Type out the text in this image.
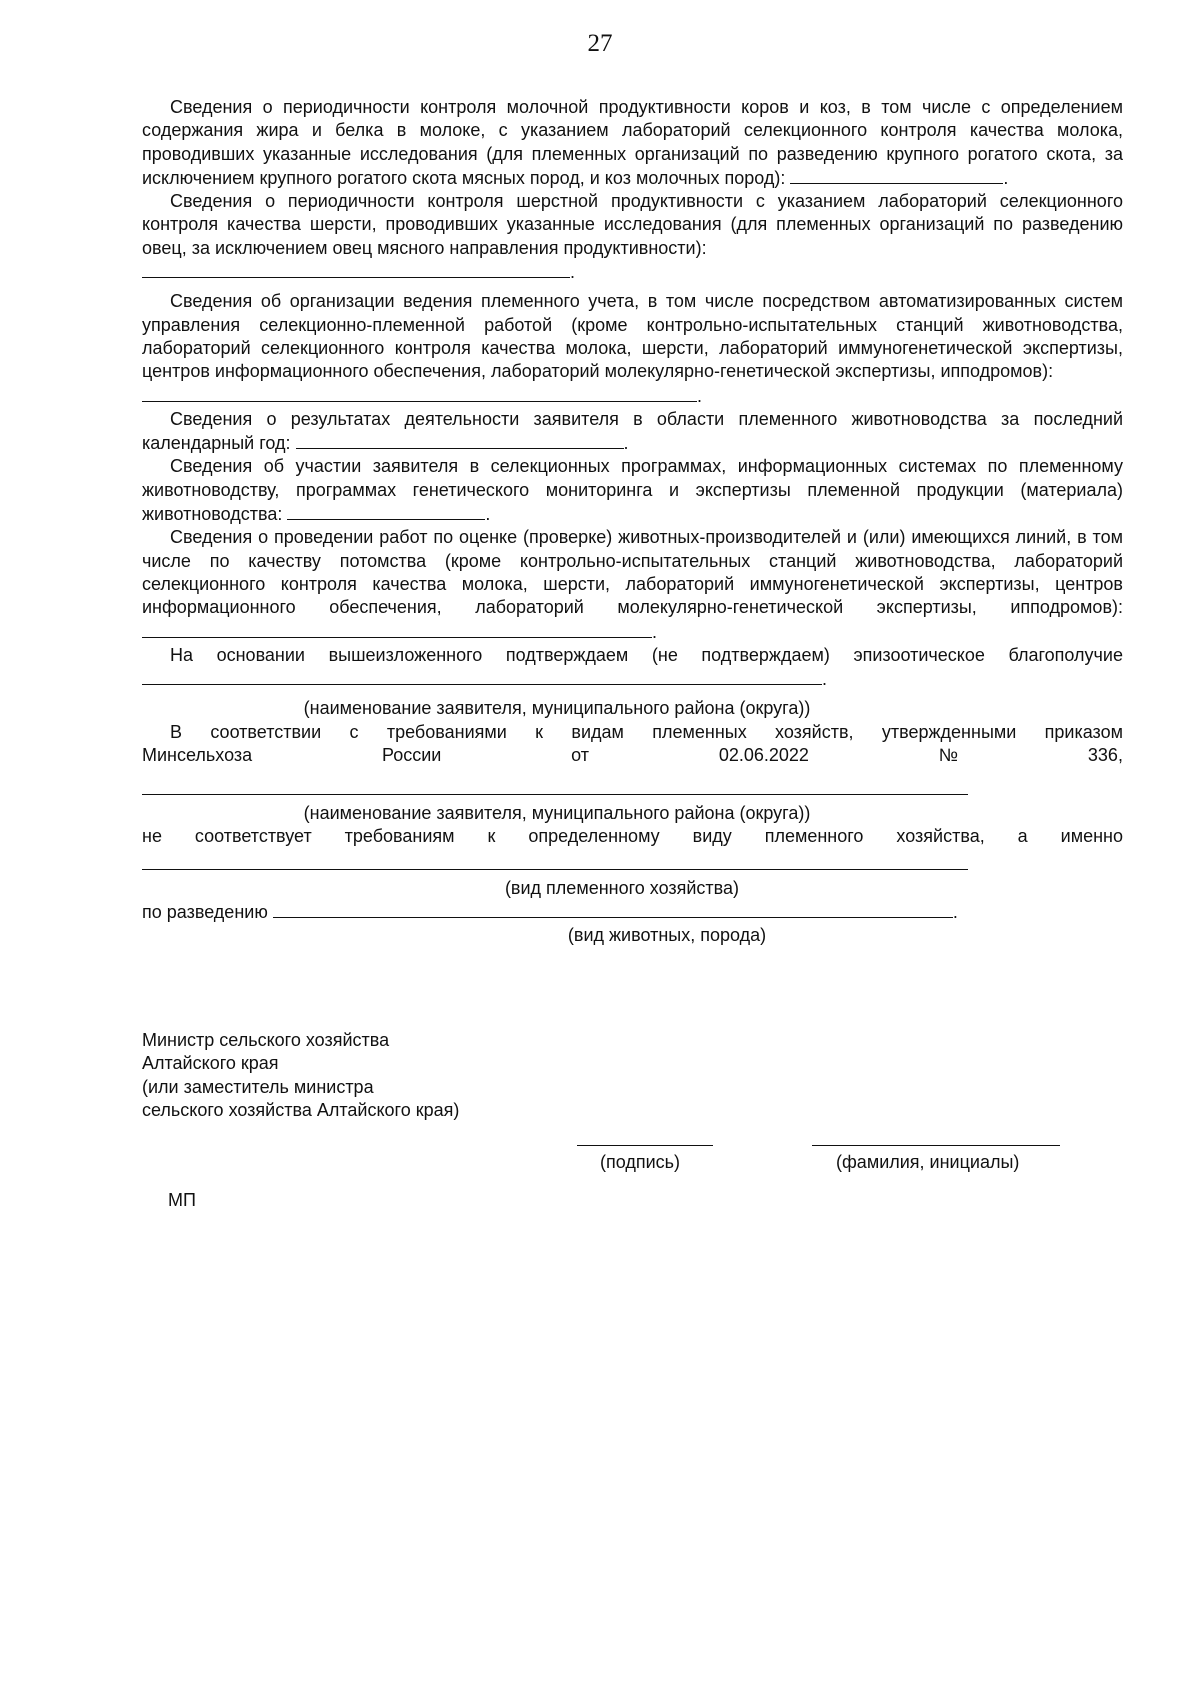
27
Сведения о периодичности контроля молочной продуктивности коров и коз, в том числе с определением содержания жира и белка в молоке, с указанием лабораторий селекционного контроля качества молока, проводивших указанные исследования (для племенных организаций по разведению крупного рогатого скота, за исключением крупного рогатого скота мясных пород, и коз молочных пород):	.
Сведения о периодичности контроля шерстной продуктивности с указанием лабораторий селекционного контроля качества шерсти, проводивших указанные исследования (для племенных организаций по разведению овец, за исключением овец мясного направления продуктивности):
.
Сведения об организации ведения племенного учета, в том числе посредством автоматизированных систем управления селекционно-племенной работой (кроме контрольно-испытательных станций животноводства, лабораторий селекционного контроля качества молока, шерсти, лабораторий иммуногенетической экспертизы, центров информационного обеспечения, лабораторий молекулярно-генетической экспертизы, ипподромов):
.
Сведения о результатах деятельности заявителя в области племенного животноводства за последний календарный год:	.
Сведения об участии заявителя в селекционных программах, информационных системах по племенному животноводству, программах генетического мониторинга и экспертизы племенной продукции (материала) животноводства:	.
Сведения о проведении работ по оценке (проверке) животных-производителей и (или) имеющихся линий, в том числе по качеству потомства (кроме контрольно-испытательных станций животноводства, лабораторий селекционного контроля качества молока, шерсти, лабораторий иммуногенетической экспертизы, центров информационного обеспечения, лабораторий молекулярно-генетической экспертизы, ипподромов): .
На основании вышеизложенного подтверждаем (не подтверждаем) эпизоотическое благополучие
.
(наименование заявителя, муниципального района (округа))
В соответствии с требованиями к видам племенных хозяйств, утвержденными приказом
Минсельхоза	России	от	02.06.2022	№	336,
(наименование заявителя, муниципального района (округа))
не соответствует требованиям к определенному виду племенного хозяйства, а именно
(вид племенного хозяйства)
по разведению	.
(вид животных, порода)
Министр сельского хозяйства
Алтайского края
(или заместитель министра
сельского хозяйства Алтайского края)
(подпись)	(фамилия, инициалы)
МП
